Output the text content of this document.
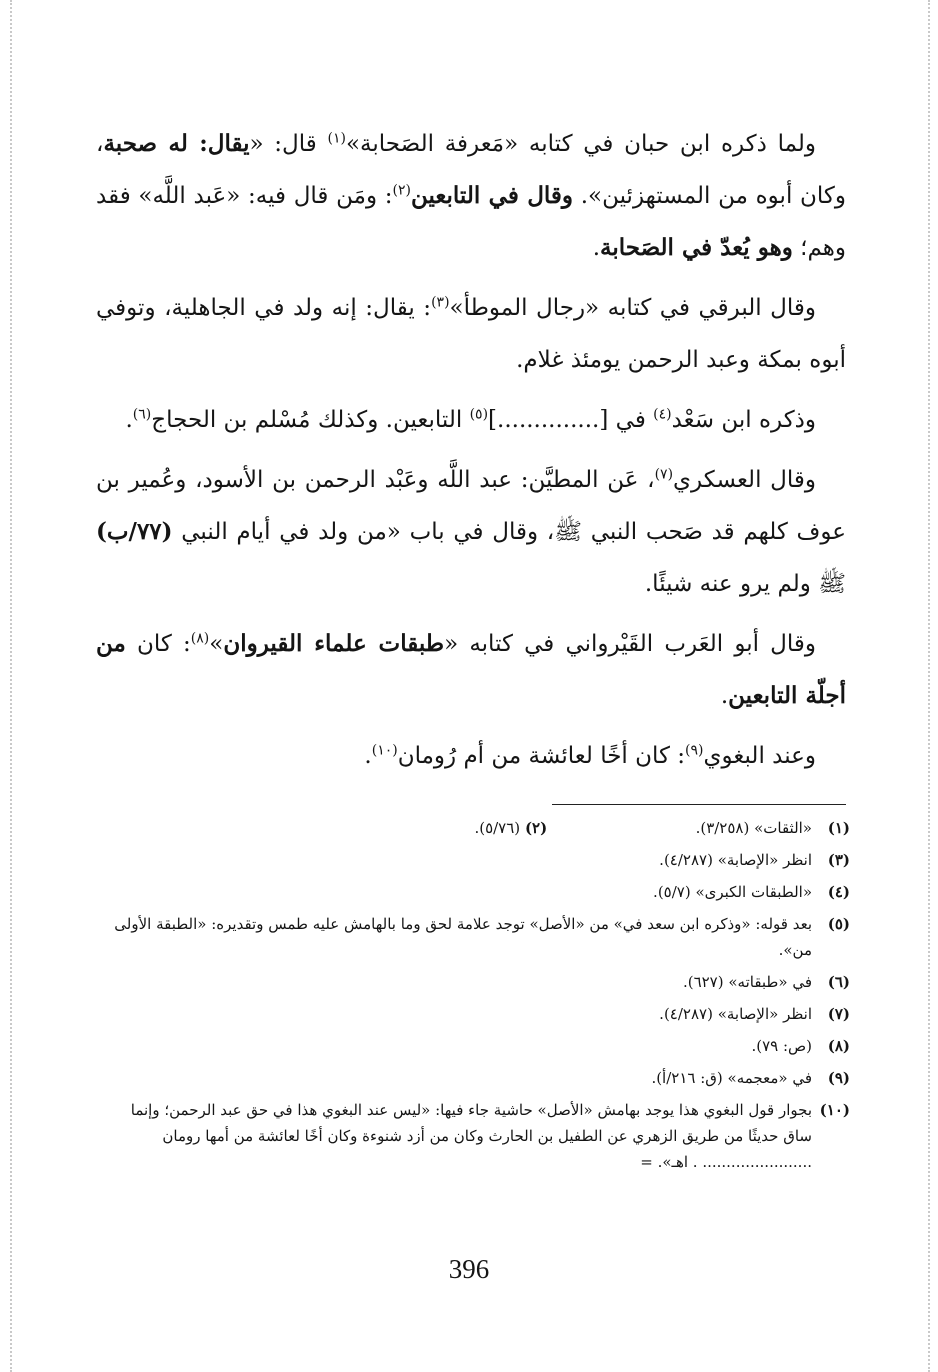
ولما ذكره ابن حبان في كتابه «مَعرفة الصَحابة»$^{(١)}$ قال: «يقال: له صحبة، وكان أبوه من المستهزئين». وقال في التابعين$^{(٢)}$: ومَن قال فيه: «عَبد اللَّه» فقد وهم؛ وهو يُعدّ في الصَحابة.

وقال البرقي في كتابه «رجال الموطأ»$^{(٣)}$: يقال: إنه ولد في الجاهلية، وتوفي أبوه بمكة وعبد الرحمن يومئذ غلام.

وذكره ابن سَعْد$^{(٤)}$ في [..............]$^{(٥)}$ التابعين. وكذلك مُسْلم بن الحجاج$^{(٦)}$.

وقال العسكري$^{(٧)}$، عَن المطيَّن: عبد اللَّه وعَبْد الرحمن بن الأسود، وعُمير بن عوف كلهم قد صَحب النبي ﷺ، وقال في باب «من ولد في أيام النبي (٧٧/ب) ﷺ ولم يرو عنه شيئًا.

وقال أبو العَرب القَيْرواني في كتابه «طبقات علماء القيروان»$^{(٨)}$: كان من أجلّة التابعين.

وعند البغوي$^{(٩)}$: كان أخًا لعائشة من أم رُومان$^{(١٠)}$.

(١)
«الثقات» (٣/٢٥٨). (٢) (٥/٧٦).
(٣)
انظر «الإصابة» (٤/٢٨٧).
(٤)
«الطبقات الكبرى» (٥/٧).
(٥)
بعد قوله: «وذكره ابن سعد في» من «الأصل» توجد علامة لحق وما بالهامش عليه طمس وتقديره: «الطبقة الأولى من».
(٦)
في «طبقاته» (٦٢٧).
(٧)
انظر «الإصابة» (٤/٢٨٧).
(٨)
(ص: ٧٩).
(٩)
في «معجمه» (ق: ٢١٦/أ).
(١٠)
بجوار قول البغوي هذا يوجد بهامش «الأصل» حاشية جاء فيها: «ليس عند البغوي هذا في حق عبد الرحمن؛ وإنما ساق حديثًا من طريق الزهري عن الطفيل بن الحارث وكان من أزد شنوءة وكان أخًا لعائشة من أمها رومان ....................... . اهـ». =
396
